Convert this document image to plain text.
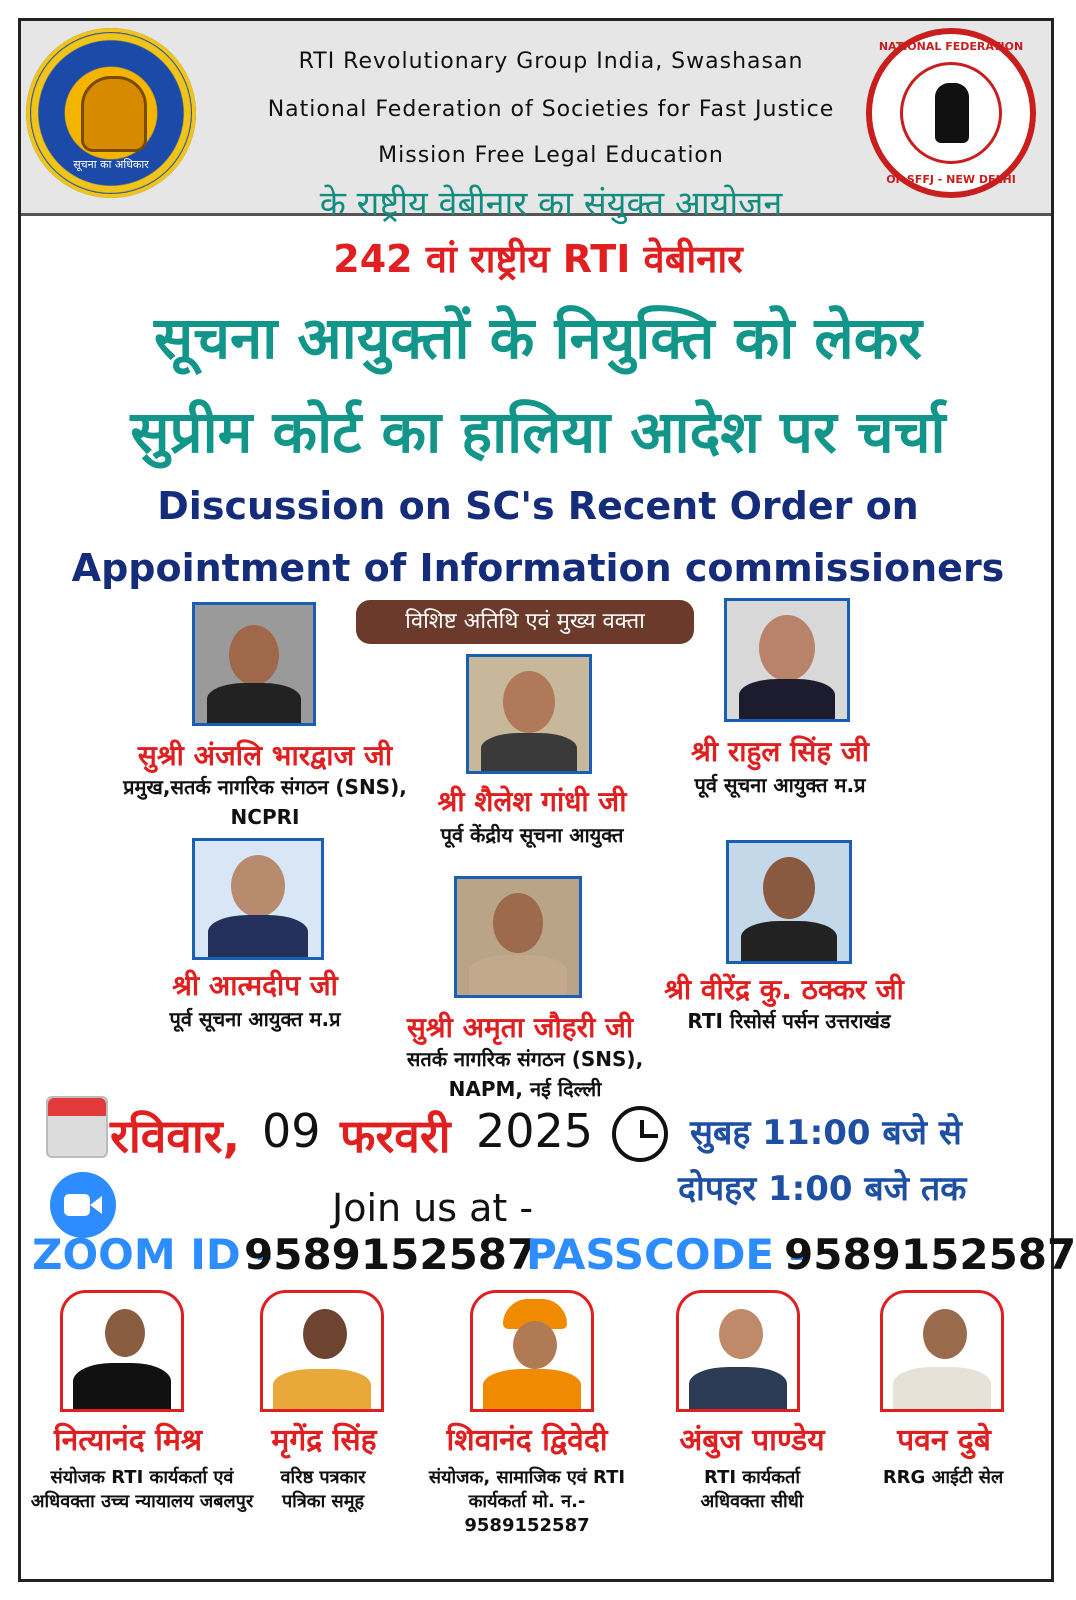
RTI Revolutionary Group India, Swashasan
National Federation of Societies for Fast Justice
Mission Free Legal Education
के राष्ट्रीय वेबीनार का संयुक्त आयोजन
सूचना का अधिकार
NATIONAL FEDERATION
OF SFFJ - NEW DELHI
242 वां राष्ट्रीय RTI वेबीनार
सूचना आयुक्तों के नियुक्ति को लेकर
सुप्रीम कोर्ट का हालिया आदेश पर चर्चा
Discussion on SC's Recent Order on
Appointment of Information commissioners
विशिष्ट अतिथि एवं मुख्य वक्ता
सुश्री अंजलि भारद्वाज जी
प्रमुख,सतर्क नागरिक संगठन (SNS), NCPRI	श्री शैलेश गांधी जी
पूर्व केंद्रीय सूचना आयुक्त
श्री राहुल सिंह जी
पूर्व सूचना आयुक्त म.प्र
श्री आत्मदीप जी
पूर्व सूचना आयुक्त म.प्र	सुश्री अमृता जौहरी जी
सतर्क नागरिक संगठन (SNS), NAPM, नई दिल्ली
श्री वीरेंद्र कु. ठक्कर जी
RTI रिसोर्स पर्सन उत्तराखंड
रविवार, 09 फरवरी 2025	सुबह 11:00 बजे से
दोपहर 1:00 बजे तक
Join us at -
ZOOM ID -
9589152587
PASSCODE -
9589152587
नित्यानंद मिश्र
संयोजक RTI कार्यकर्ता एवं अधिवक्ता उच्च न्यायालय जबलपुर
मृगेंद्र सिंह
वरिष्ठ पत्रकार पत्रिका समूह
शिवानंद द्विवेदी
संयोजक, सामाजिक एवं RTI कार्यकर्ता मो. न.- 9589152587
अंबुज पाण्डेय
RTI कार्यकर्ता अधिवक्ता सीधी
पवन दुबे
RRG आईटी सेल
